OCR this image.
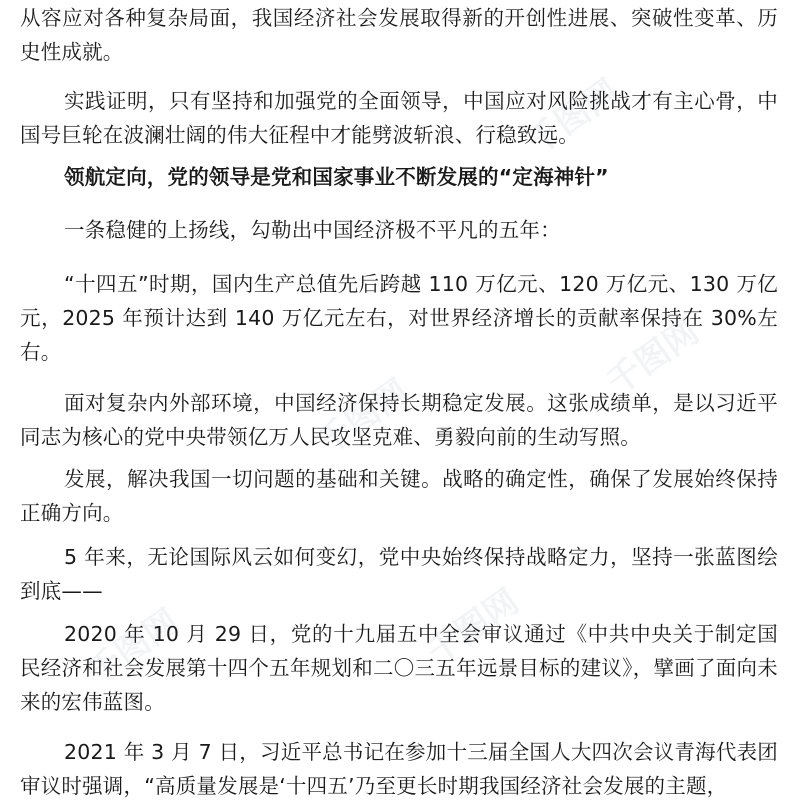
千图网
千图网
千图网
千图网
千图网

从容应对各种复杂局面，我国经济社会发展取得新的开创性进展、突破性变革、历史性成就。

实践证明，只有坚持和加强党的全面领导，中国应对风险挑战才有主心骨，中国号巨轮在波澜壮阔的伟大征程中才能劈波斩浪、行稳致远。

领航定向，党的领导是党和国家事业不断发展的“定海神针”

一条稳健的上扬线，勾勒出中国经济极不平凡的五年：

“十四五”时期，国内生产总值先后跨越 110 万亿元、120 万亿元、130 万亿元，2025 年预计达到 140 万亿元左右，对世界经济增长的贡献率保持在 30%左右。

面对复杂内外部环境，中国经济保持长期稳定发展。这张成绩单，是以习近平同志为核心的党中央带领亿万人民攻坚克难、勇毅向前的生动写照。

发展，解决我国一切问题的基础和关键。战略的确定性，确保了发展始终保持正确方向。

5 年来，无论国际风云如何变幻，党中央始终保持战略定力，坚持一张蓝图绘到底——

2020 年 10 月 29 日，党的十九届五中全会审议通过《中共中央关于制定国民经济和社会发展第十四个五年规划和二〇三五年远景目标的建议》，擘画了面向未来的宏伟蓝图。

2021 年 3 月 7 日，习近平总书记在参加十三届全国人大四次会议青海代表团审议时强调，“高质量发展是‘十四五’乃至更长时期我国经济社会发展的主题，
